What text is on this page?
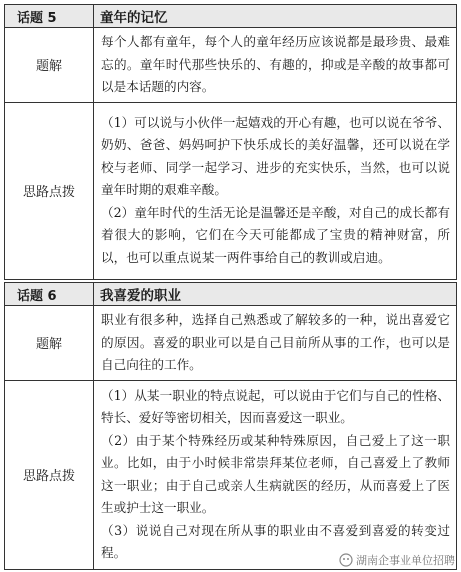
话题 5	童年的记忆
题解	每个人都有童年，每个人的童年经历应该说都是最珍贵、最难忘的。童年时代那些快乐的、有趣的，抑或是辛酸的故事都可以是本话题的内容。
思路点拨	（1）可以说与小伙伴一起嬉戏的开心有趣，也可以说在爷爷、奶奶、爸爸、妈妈呵护下快乐成长的美好温馨，还可以说在学校与老师、同学一起学习、进步的充实快乐，当然，也可以说童年时期的艰难辛酸。

（2）童年时代的生活无论是温馨还是辛酸，对自己的成长都有着很大的影响，它们在今天可能都成了宝贵的精神财富，所以，也可以重点说某一两件事给自己的教训或启迪。

话题 6	我喜爱的职业
题解	职业有很多种，选择自己熟悉或了解较多的一种，说出喜爱它的原因。喜爱的职业可以是自己目前所从事的工作，也可以是自己向往的工作。
思路点拨	（1）从某一职业的特点说起，可以说由于它们与自己的性格、特长、爱好等密切相关，因而喜爱这一职业。

（2）由于某个特殊经历或某种特殊原因，自己爱上了这一职业。比如，由于小时候非常崇拜某位老师，自己喜爱上了教师这一职业；由于自己或亲人生病就医的经历，从而喜爱上了医生或护士这一职业。

（3）说说自己对现在所从事的职业由不喜爱到喜爱的转变过程。

湖南企事业单位招聘
